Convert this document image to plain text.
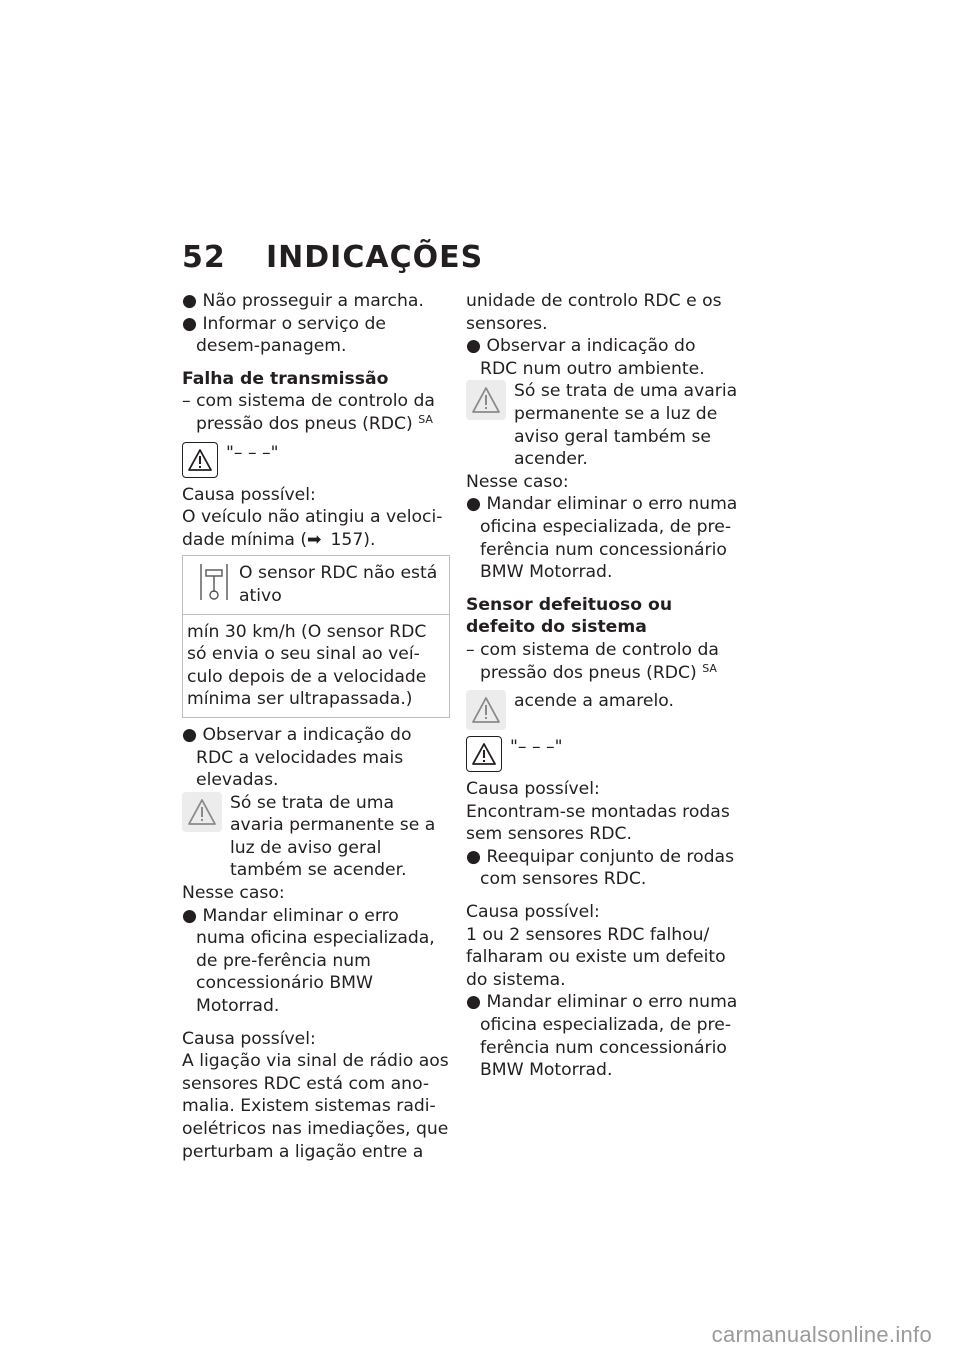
52 INDICAÇÕES

● Não prosseguir a marcha.

● Informar o serviço de desem-panagem.

Falha de transmissão

– com sistema de controlo da pressão dos pneus (RDC) $^{SA}$

"– – –"

Causa possível:

O veículo não atingiu a veloci-dade mínima (➡ 157).

O sensor RDC não está ativo
mín 30 km/h (O sensor RDC só envia o seu sinal ao veí-culo depois de a velocidade mínima ser ultrapassada.)

● Observar a indicação do RDC a velocidades mais elevadas.

Só se trata de uma avaria permanente se a luz de aviso geral também se acender.

Nesse caso:

● Mandar eliminar o erro numa oficina especializada, de pre-ferência num concessionário BMW Motorrad.

Causa possível:

A ligação via sinal de rádio aos sensores RDC está com ano-malia. Existem sistemas radi-oelétricos nas imediações, que perturbam a ligação entre a

unidade de controlo RDC e os sensores.

● Observar a indicação do RDC num outro ambiente.

Só se trata de uma avaria permanente se a luz de aviso geral também se acender.

Nesse caso:

● Mandar eliminar o erro numa oficina especializada, de pre-ferência num concessionário BMW Motorrad.

Sensor defeituoso ou defeito do sistema

– com sistema de controlo da pressão dos pneus (RDC) $^{SA}$

acende a amarelo.
"– – –"

Causa possível:

Encontram-se montadas rodas sem sensores RDC.

● Reequipar conjunto de rodas com sensores RDC.

Causa possível:

1 ou 2 sensores RDC falhou/ falharam ou existe um defeito do sistema.

● Mandar eliminar o erro numa oficina especializada, de pre-ferência num concessionário BMW Motorrad.

carmanualsonline.info
